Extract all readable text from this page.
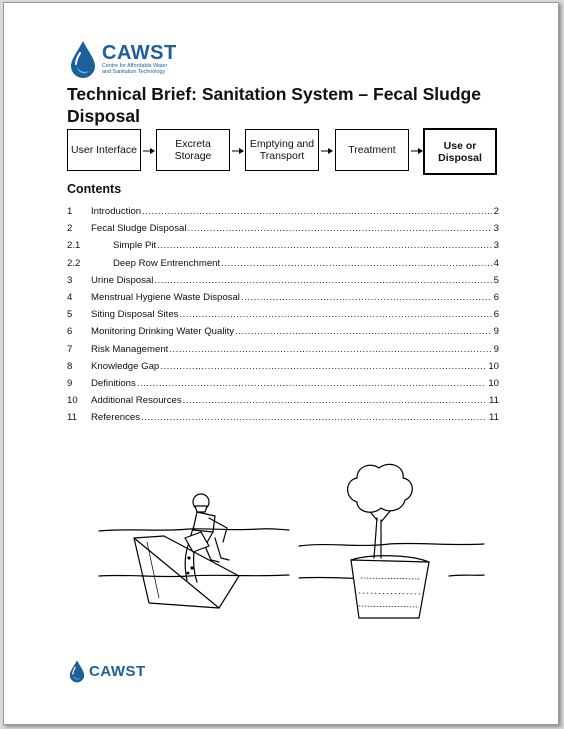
CAWST
Centre for Affordable Water
and Sanitation Technology
Technical Brief: Sanitation System – Fecal Sludge Disposal
User Interface	Excreta Storage
Emptying and Transport	Treatment	Use or Disposal
Contents
1	Introduction .....	2
2	Fecal Sludge Disposal .....	3
2.1	Simple Pit .....	3
2.2	Deep Row Entrenchment .....	4
3	Urine Disposal .....	5
4	Menstrual Hygiene Waste Disposal .....	6
5	Siting Disposal Sites .....	6
6	Monitoring Drinking Water Quality .....	9
7	Risk Management .....	9
8	Knowledge Gap .....	10
9	Definitions .....	10
10	Additional Resources .....	11
11	References .....	11
CAWST
